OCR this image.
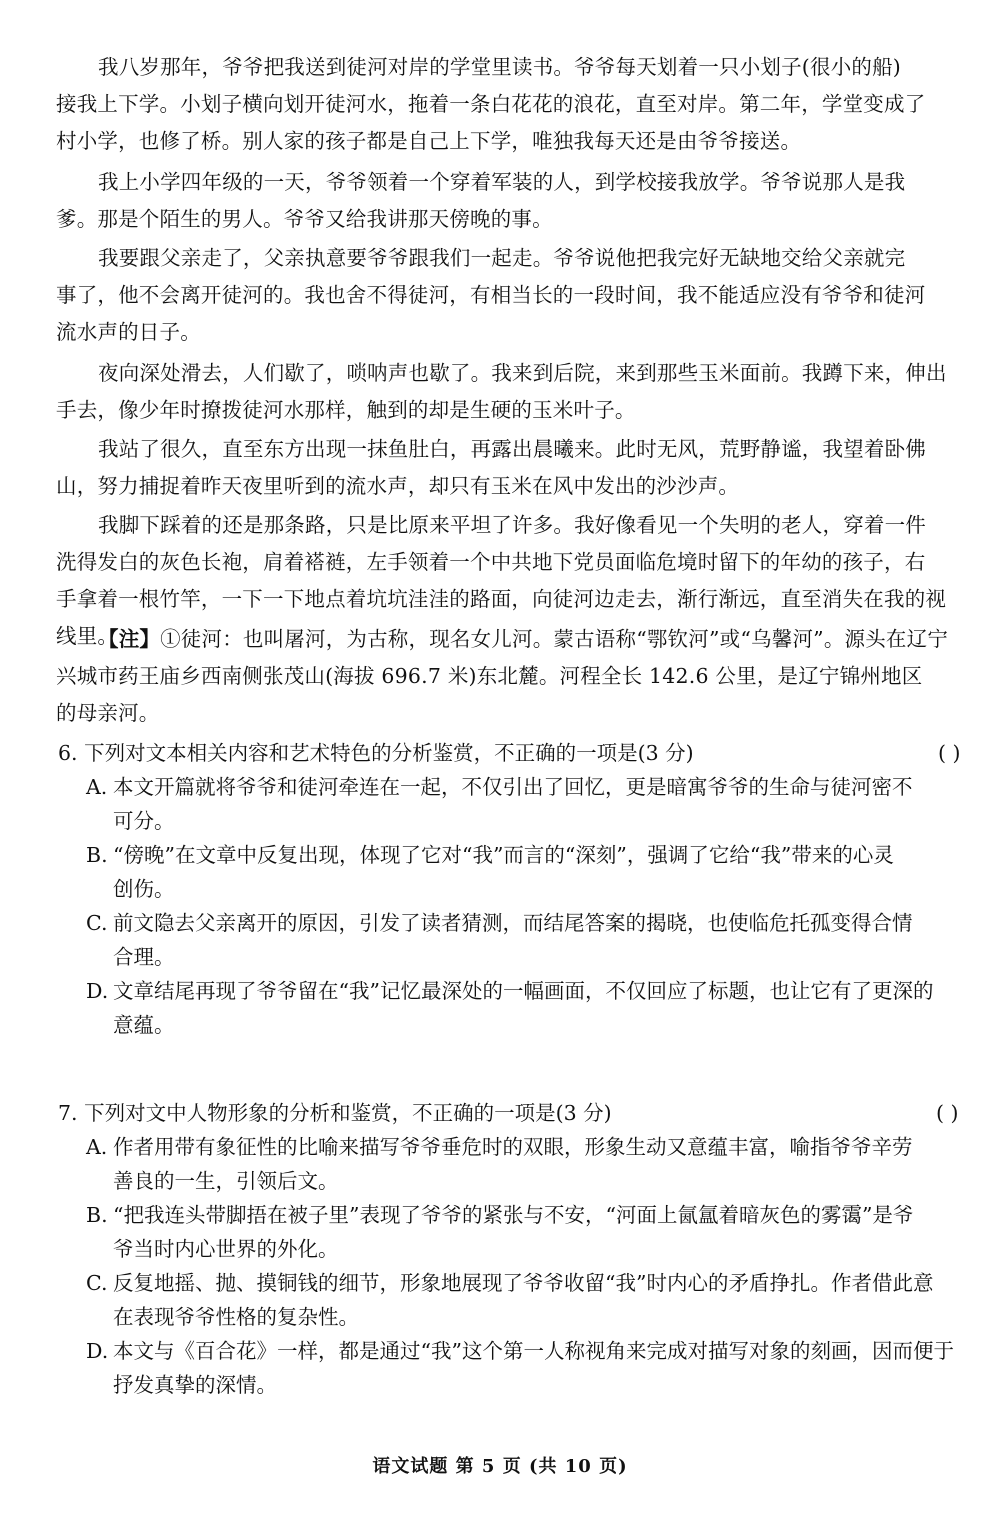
我八岁那年，爷爷把我送到徒河对岸的学堂里读书。爷爷每天划着一只小划子(很小的船)
接我上下学。小划子横向划开徒河水，拖着一条白花花的浪花，直至对岸。第二年，学堂变成了
村小学，也修了桥。别人家的孩子都是自己上下学，唯独我每天还是由爷爷接送。
我上小学四年级的一天，爷爷领着一个穿着军装的人，到学校接我放学。爷爷说那人是我
爹。那是个陌生的男人。爷爷又给我讲那天傍晚的事。
我要跟父亲走了，父亲执意要爷爷跟我们一起走。爷爷说他把我完好无缺地交给父亲就完
事了，他不会离开徒河的。我也舍不得徒河，有相当长的一段时间，我不能适应没有爷爷和徒河
流水声的日子。
夜向深处滑去，人们歇了，唢呐声也歇了。我来到后院，来到那些玉米面前。我蹲下来，伸出
手去，像少年时撩拨徒河水那样，触到的却是生硬的玉米叶子。
我站了很久，直至东方出现一抹鱼肚白，再露出晨曦来。此时无风，荒野静谧，我望着卧佛
山，努力捕捉着昨天夜里听到的流水声，却只有玉米在风中发出的沙沙声。
我脚下踩着的还是那条路，只是比原来平坦了许多。我好像看见一个失明的老人，穿着一件
洗得发白的灰色长袍，肩着褡裢，左手领着一个中共地下党员面临危境时留下的年幼的孩子，右
手拿着一根竹竿，一下一下地点着坑坑洼洼的路面，向徒河边走去，渐行渐远，直至消失在我的视
线里。
【注】①徒河：也叫屠河，为古称，现名女儿河。蒙古语称“鄂钦河”或“乌馨河”。源头在辽宁
兴城市药王庙乡西南侧张茂山(海拔 696.7 米)东北麓。河程全长 142.6 公里，是辽宁锦州地区
的母亲河。
6. 下列对文本相关内容和艺术特色的分析鉴赏，不正确的一项是(3 分)	( )
A. 本文开篇就将爷爷和徒河牵连在一起，不仅引出了回忆，更是暗寓爷爷的生命与徒河密不
可分。
B. “傍晚”在文章中反复出现，体现了它对“我”而言的“深刻”，强调了它给“我”带来的心灵
创伤。
C. 前文隐去父亲离开的原因，引发了读者猜测，而结尾答案的揭晓，也使临危托孤变得合情
合理。
D. 文章结尾再现了爷爷留在“我”记忆最深处的一幅画面，不仅回应了标题，也让它有了更深的
意蕴。
7. 下列对文中人物形象的分析和鉴赏，不正确的一项是(3 分)	( )
A. 作者用带有象征性的比喻来描写爷爷垂危时的双眼，形象生动又意蕴丰富，喻指爷爷辛劳
善良的一生，引领后文。
B. “把我连头带脚捂在被子里”表现了爷爷的紧张与不安，“河面上氤氲着暗灰色的雾霭”是爷
爷当时内心世界的外化。
C. 反复地摇、抛、摸铜钱的细节，形象地展现了爷爷收留“我”时内心的矛盾挣扎。作者借此意
在表现爷爷性格的复杂性。
D. 本文与《百合花》一样，都是通过“我”这个第一人称视角来完成对描写对象的刻画，因而便于
抒发真挚的深情。
语文试题 第 5 页 (共 10 页)
